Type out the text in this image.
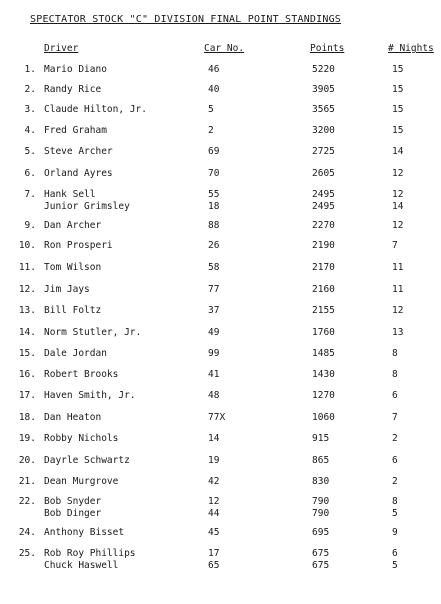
SPECTATOR STOCK "C" DIVISION FINAL POINT STANDINGS
Driver	Car No.	Points	# Nights
1. Mario Diano	46	5220	15
2. Randy Rice	40	3905	15
3. Claude Hilton, Jr.	5	3565	15
4. Fred Graham	2	3200	15
5. Steve Archer	69	2725	14
6. Orland Ayres	70	2605	12
7. Hank Sell	55	2495	12
Junior Grimsley	18	2495	14
9. Dan Archer	88	2270	12
10. Ron Prosperi	26	2190	7
11. Tom Wilson	58	2170	11
12. Jim Jays	77	2160	11
13. Bill Foltz	37	2155	12
14. Norm Stutler, Jr.	49	1760	13
15. Dale Jordan	99	1485	8
16. Robert Brooks	41	1430	8
17. Haven Smith, Jr.	48	1270	6
18. Dan Heaton	77X	1060	7
19. Robby Nichols	14	915	2
20. Dayrle Schwartz	19	865	6
21. Dean Murgrove	42	830	2
22. Bob Snyder	12	790	8
Bob Dinger	44	790	5
24. Anthony Bisset	45	695	9
25. Rob Roy Phillips	17	675	6
Chuck Haswell	65	675	5
